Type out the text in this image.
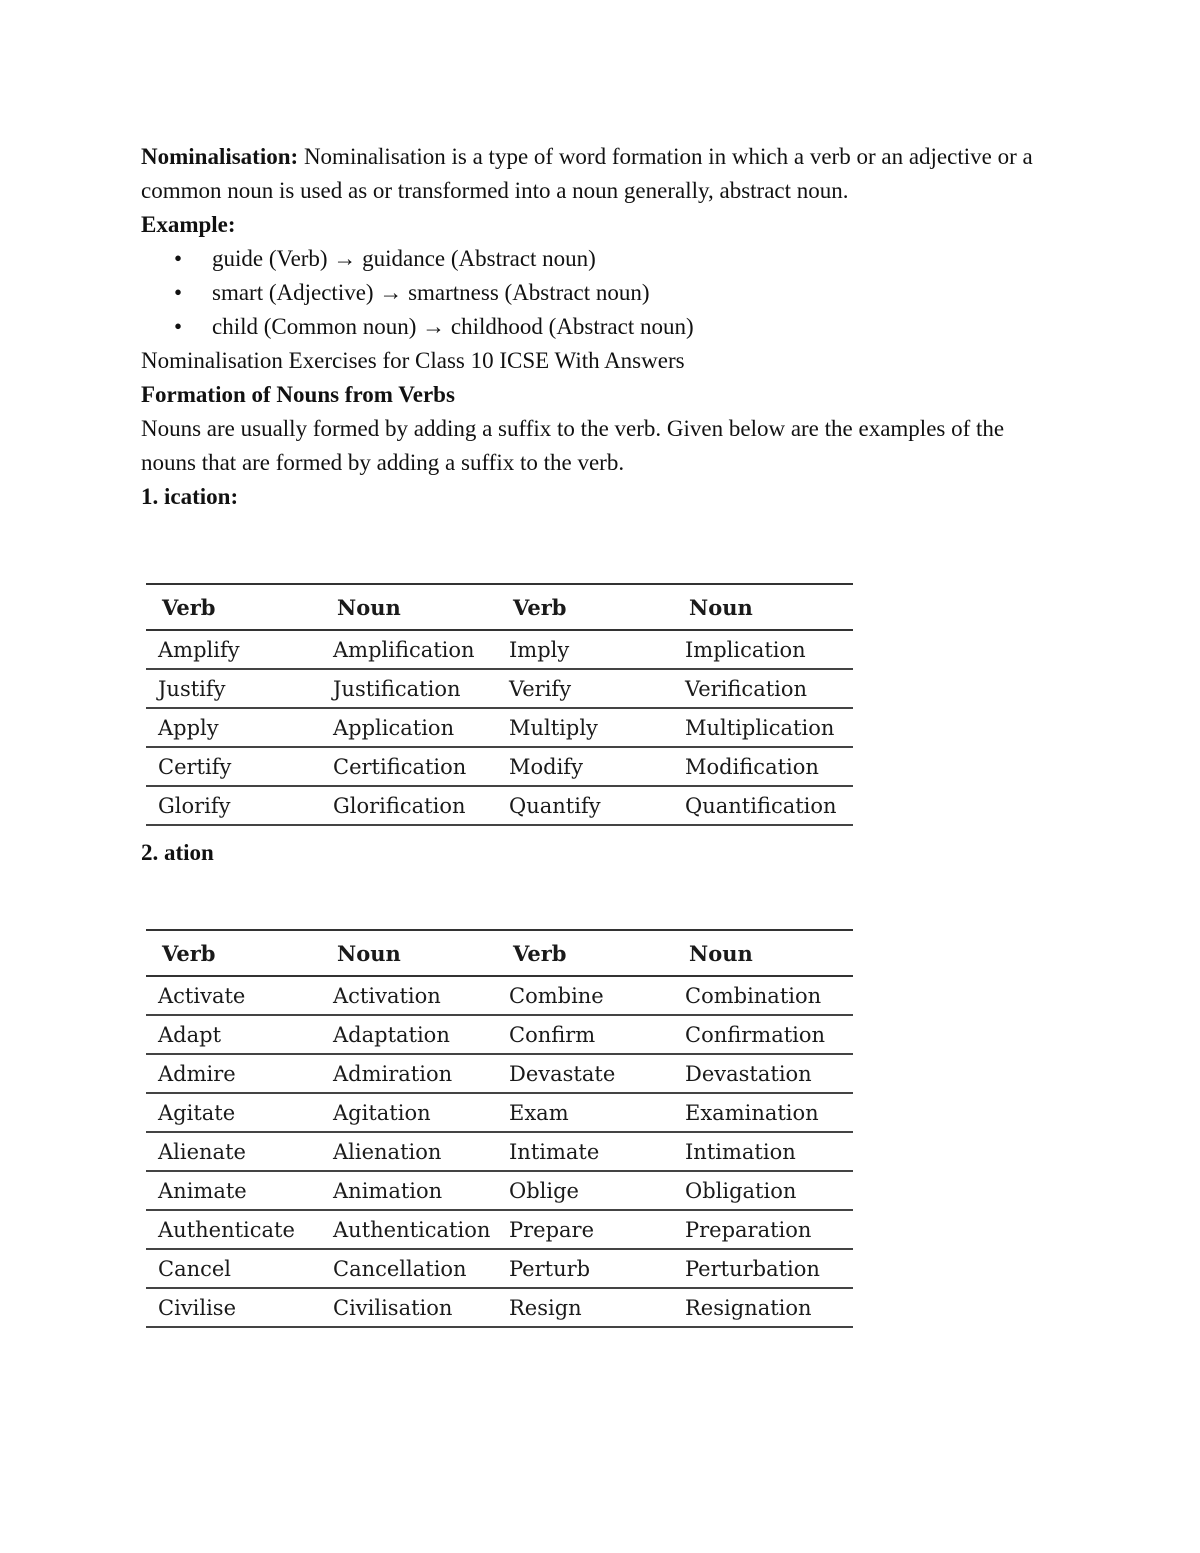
Nominalisation: Nominalisation is a type of word formation in which a verb or an adjective or a common noun is used as or transformed into a noun generally, abstract noun.

Example:

• guide (Verb) → guidance (Abstract noun)
• smart (Adjective) → smartness (Abstract noun)
• child (Common noun) → childhood (Abstract noun)

Nominalisation Exercises for Class 10 ICSE With Answers

Formation of Nouns from Verbs

Nouns are usually formed by adding a suffix to the verb. Given below are the examples of the nouns that are formed by adding a suffix to the verb.

1. ication:

Verb	Noun	Verb	Noun
Amplify	Amplification	Imply	Implication
Justify	Justification	Verify	Verification
Apply	Application	Multiply	Multiplication
Certify	Certification	Modify	Modification
Glorify	Glorification	Quantify	Quantification
2. ation
Verb	Noun	Verb	Noun
Activate	Activation	Combine	Combination
Adapt	Adaptation	Confirm	Confirmation
Admire	Admiration	Devastate	Devastation
Agitate	Agitation	Exam	Examination
Alienate	Alienation	Intimate	Intimation
Animate	Animation	Oblige	Obligation
Authenticate	Authentication	Prepare	Preparation
Cancel	Cancellation	Perturb	Perturbation
Civilise	Civilisation	Resign	Resignation
